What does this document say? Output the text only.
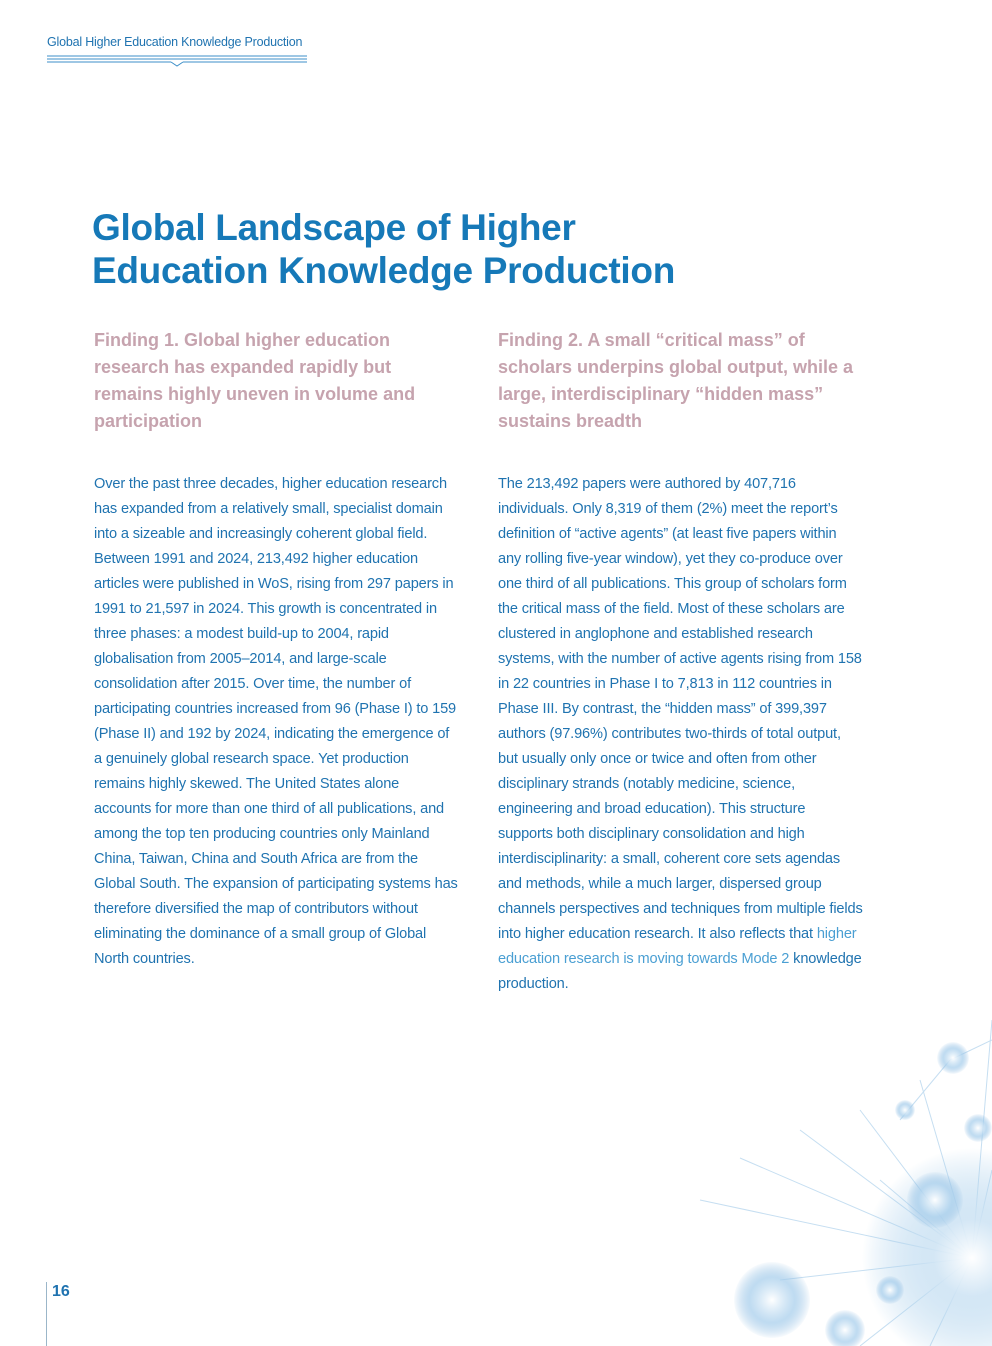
Global Higher Education Knowledge Production
Global Landscape of Higher
Education Knowledge Production
Finding 1. Global higher education research has expanded rapidly but remains highly uneven in volume and participation
Finding 2. A small “critical mass” of scholars underpins global output, while a large, interdisciplinary “hidden mass” sustains breadth

Over the past three decades, higher education research has expanded from a relatively small, specialist domain into a sizeable and increasingly coherent global field. Between 1991 and 2024, 213,492 higher education articles were published in WoS, rising from 297 papers in 1991 to 21,597 in 2024. This growth is concentrated in three phases: a modest build-up to 2004, rapid globalisation from 2005–2014, and large-scale consolidation after 2015. Over time, the number of participating countries increased from 96 (Phase I) to 159 (Phase II) and 192 by 2024, indicating the emergence of a genuinely global research space. Yet production remains highly skewed. The United States alone accounts for more than one third of all publications, and among the top ten producing countries only Mainland China, Taiwan, China and South Africa are from the Global South. The expansion of participating systems has therefore diversified the map of contributors without eliminating the dominance of a small group of Global North countries.

The 213,492 papers were authored by 407,716 individuals. Only 8,319 of them (2%) meet the report’s definition of “active agents” (at least five papers within any rolling five-year window), yet they co-produce over one third of all publications. This group of scholars form the critical mass of the field. Most of these scholars are clustered in anglophone and established research systems, with the number of active agents rising from 158 in 22 countries in Phase I to 7,813 in 112 countries in Phase III. By contrast, the “hidden mass” of 399,397 authors (97.96%) contributes two-thirds of total output, but usually only once or twice and often from other disciplinary strands (notably medicine, science, engineering and broad education). This structure supports both disciplinary consolidation and high interdisciplinarity: a small, coherent core sets agendas and methods, while a much larger, dispersed group channels perspectives and techniques from multiple fields into higher education research. It also reflects that higher education research is moving towards Mode 2 knowledge production.

16
